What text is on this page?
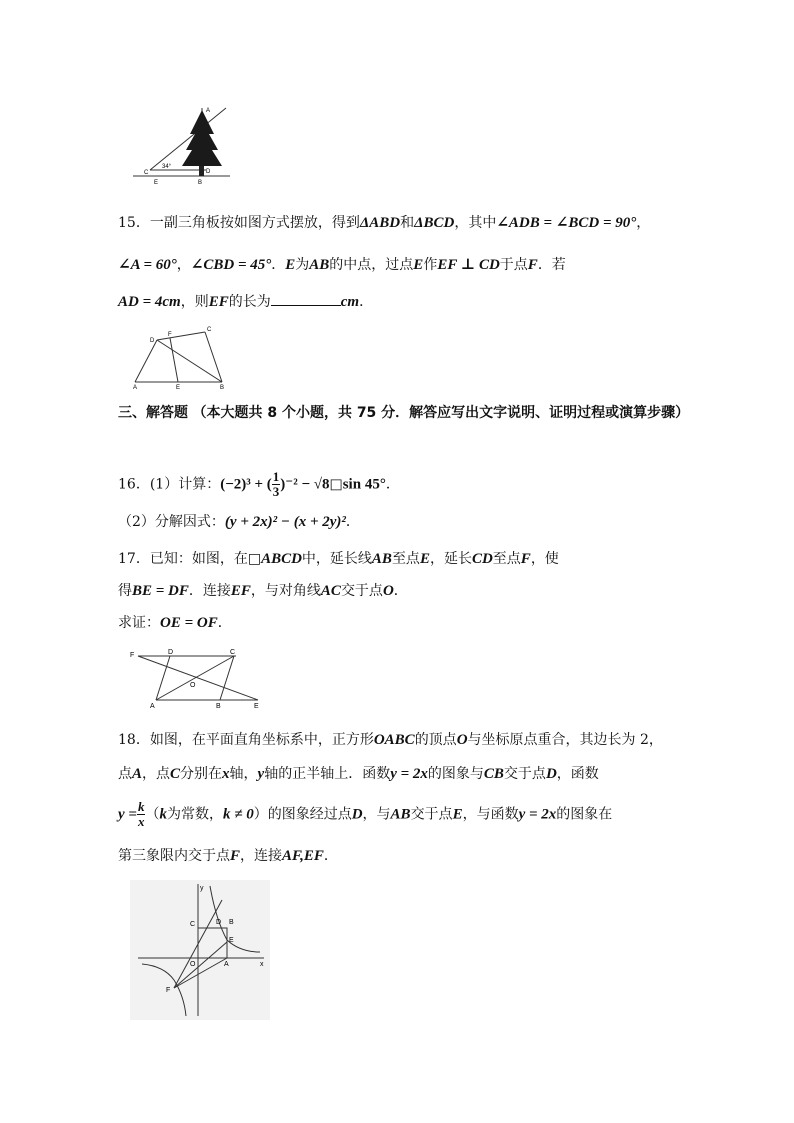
A
34°
C	D
E	B
15．一副三角板按如图方式摆放，得到ΔABD和ΔBCD，其中∠ADB = ∠BCD = 90°，
∠A = 60°，∠CBD = 45°．E为AB的中点，过点E作EF ⊥ CD于点F．若
AD = 4cm，则EF的长为	cm．
D
F
C
A	E	B
三、解答题 （本大题共 8 个小题，共 75 分．解答应写出文字说明、证明过程或演算步骤）
16．(1）计算：(−2)³ + ( $\frac{1}{3} )^{-2}$ − √8□sin 45°．
（2）分解因式：(y + 2x)² − (x + 2y)²．
17．已知：如图，在□ABCD中，延长线AB至点E，延长CD至点F，使
得BE = DF．连接EF，与对角线AC交于点O．
求证：OE = OF．
F	D	C
O
A	B	E
18．如图，在平面直角坐标系中，正方形OABC的顶点O与坐标原点重合，其边长为 2，
点A，点C分别在x轴，y轴的正半轴上．函数y = 2x的图象与CB交于点D，函数
$y = \frac{k}{x} (k$为常数，k ≠ 0）的图象经过点D，与AB交于点E，与函数y = 2x的图象在
第三象限内交于点F，连接AF,EF．
y
C	D B
E
O	A	x
F
